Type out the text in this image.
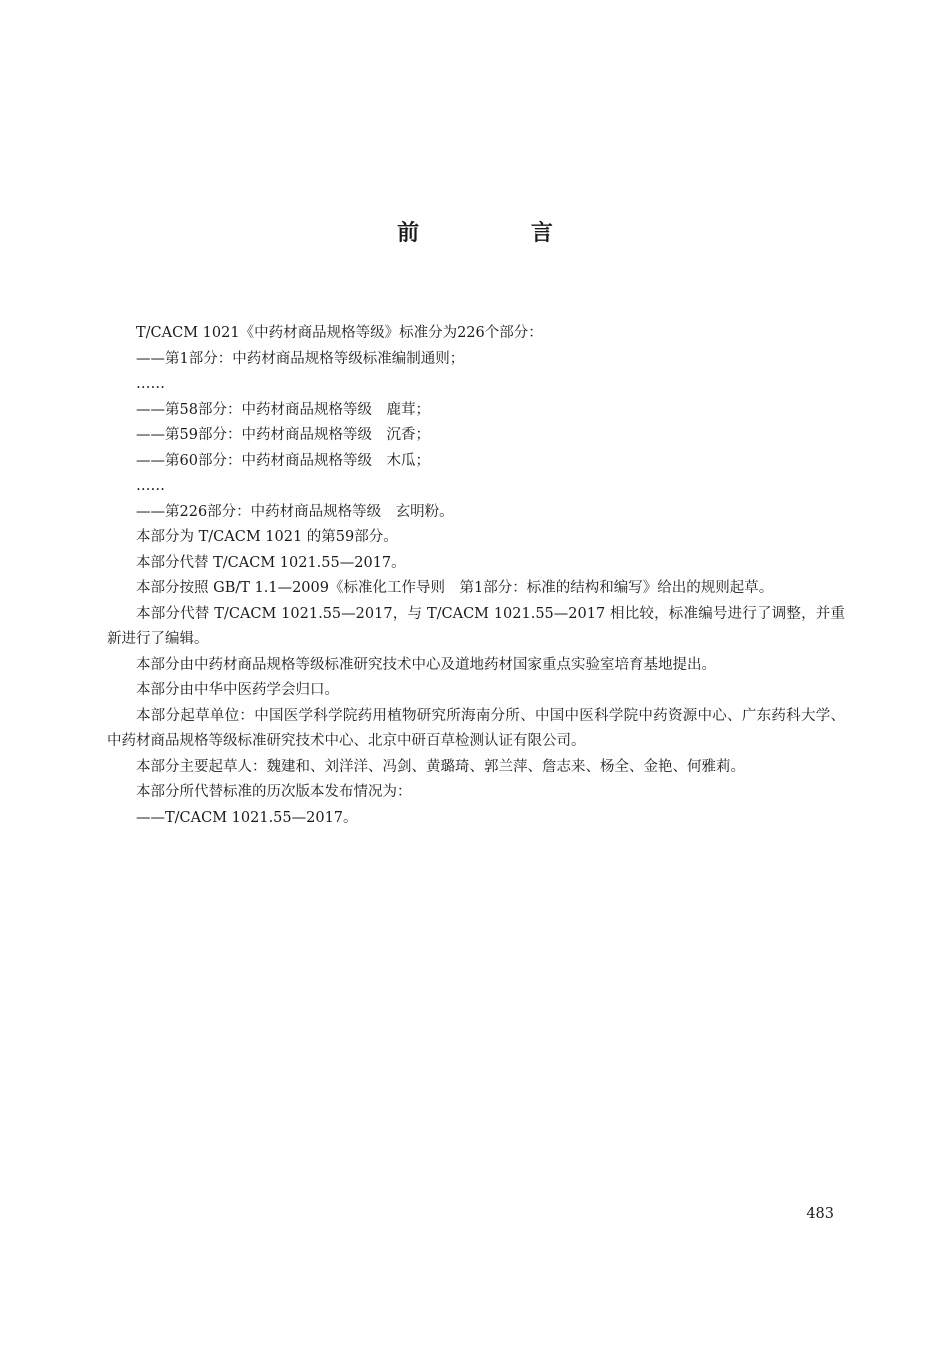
前 言

T/CACM 1021《中药材商品规格等级》标准分为226个部分：

——第1部分：中药材商品规格等级标准编制通则；

……

——第58部分：中药材商品规格等级　鹿茸；

——第59部分：中药材商品规格等级　沉香；

——第60部分：中药材商品规格等级　木瓜；

……

——第226部分：中药材商品规格等级　玄明粉。

本部分为 T/CACM 1021 的第59部分。

本部分代替 T/CACM 1021.55—2017。

本部分按照 GB/T 1.1—2009《标准化工作导则　第1部分：标准的结构和编写》给出的规则起草。

本部分代替 T/CACM 1021.55—2017，与 T/CACM 1021.55—2017 相比较，标准编号进行了调整，并重新进行了编辑。

本部分由中药材商品规格等级标准研究技术中心及道地药材国家重点实验室培育基地提出。

本部分由中华中医药学会归口。

本部分起草单位：中国医学科学院药用植物研究所海南分所、中国中医科学院中药资源中心、广东药科大学、中药材商品规格等级标准研究技术中心、北京中研百草检测认证有限公司。

本部分主要起草人：魏建和、刘洋洋、冯剑、黄璐琦、郭兰萍、詹志来、杨全、金艳、何雅莉。

本部分所代替标准的历次版本发布情况为：

——T/CACM 1021.55—2017。

483
